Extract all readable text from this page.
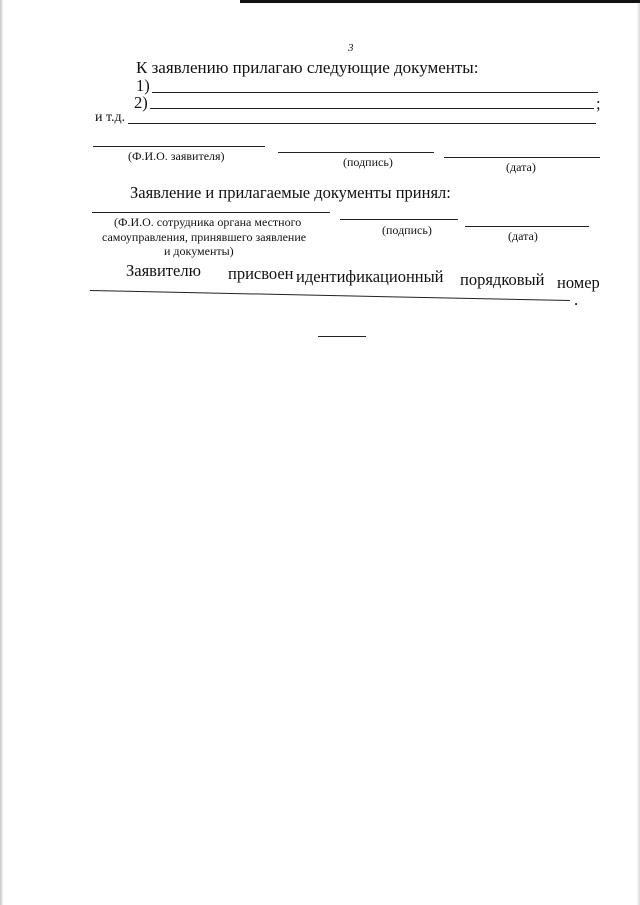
3
К заявлению прилагаю следующие документы:
1)
2)	;
и т.д.
(Ф.И.О. заявителя)	(подпись)	(дата)
Заявление и прилагаемые документы принял:
(Ф.И.О. сотрудника органа местного
самоуправления, принявшего заявление
и документы)
(подпись)	(дата)
Заявителю присвоен идентификационный порядковый номер
.
